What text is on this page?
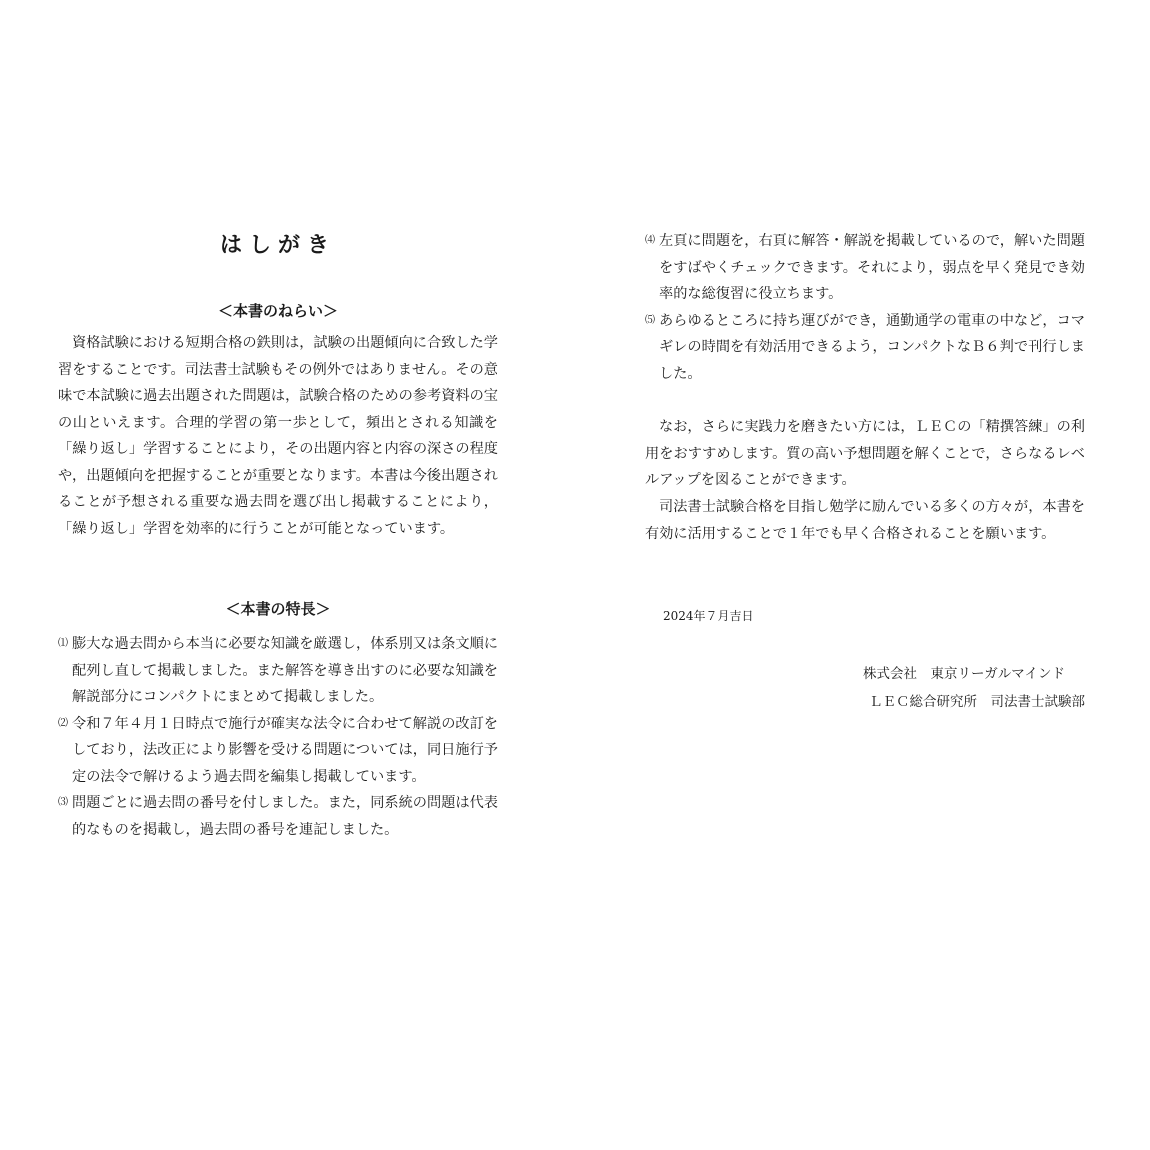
はしがき
＜本書のねらい＞

資格試験における短期合格の鉄則は，試験の出題傾向に合致した学習をすることです。司法書士試験もその例外ではありません。その意味で本試験に過去出題された問題は，試験合格のための参考資料の宝の山といえます。合理的学習の第一歩として，頻出とされる知識を「繰り返し」学習することにより，その出題内容と内容の深さの程度や，出題傾向を把握することが重要となります。本書は今後出題されることが予想される重要な過去問を選び出し掲載することにより，「繰り返し」学習を効率的に行うことが可能となっています。

＜本書の特長＞
⑴ 膨大な過去問から本当に必要な知識を厳選し，体系別又は条文順に配列し直して掲載しました。また解答を導き出すのに必要な知識を解説部分にコンパクトにまとめて掲載しました。
⑵ 令和７年４月１日時点で施行が確実な法令に合わせて解説の改訂をしており，法改正により影響を受ける問題については，同日施行予定の法令で解けるよう過去問を編集し掲載しています。
⑶ 問題ごとに過去問の番号を付しました。また，同系統の問題は代表的なものを掲載し，過去問の番号を連記しました。
⑷ 左頁に問題を，右頁に解答・解説を掲載しているので，解いた問題をすばやくチェックできます。それにより，弱点を早く発見でき効率的な総復習に役立ちます。
⑸ あらゆるところに持ち運びができ，通勤通学の電車の中など，コマギレの時間を有効活用できるよう，コンパクトなＢ６判で刊行しました。

なお，さらに実践力を磨きたい方には，ＬＥＣの「精撰答練」の利用をおすすめします。質の高い予想問題を解くことで，さらなるレベルアップを図ることができます。

司法書士試験合格を目指し勉学に励んでいる多くの方々が，本書を有効に活用することで１年でも早く合格されることを願います。

2024年７月吉日

株式会社　東京リーガルマインド

ＬＥＣ総合研究所　司法書士試験部
